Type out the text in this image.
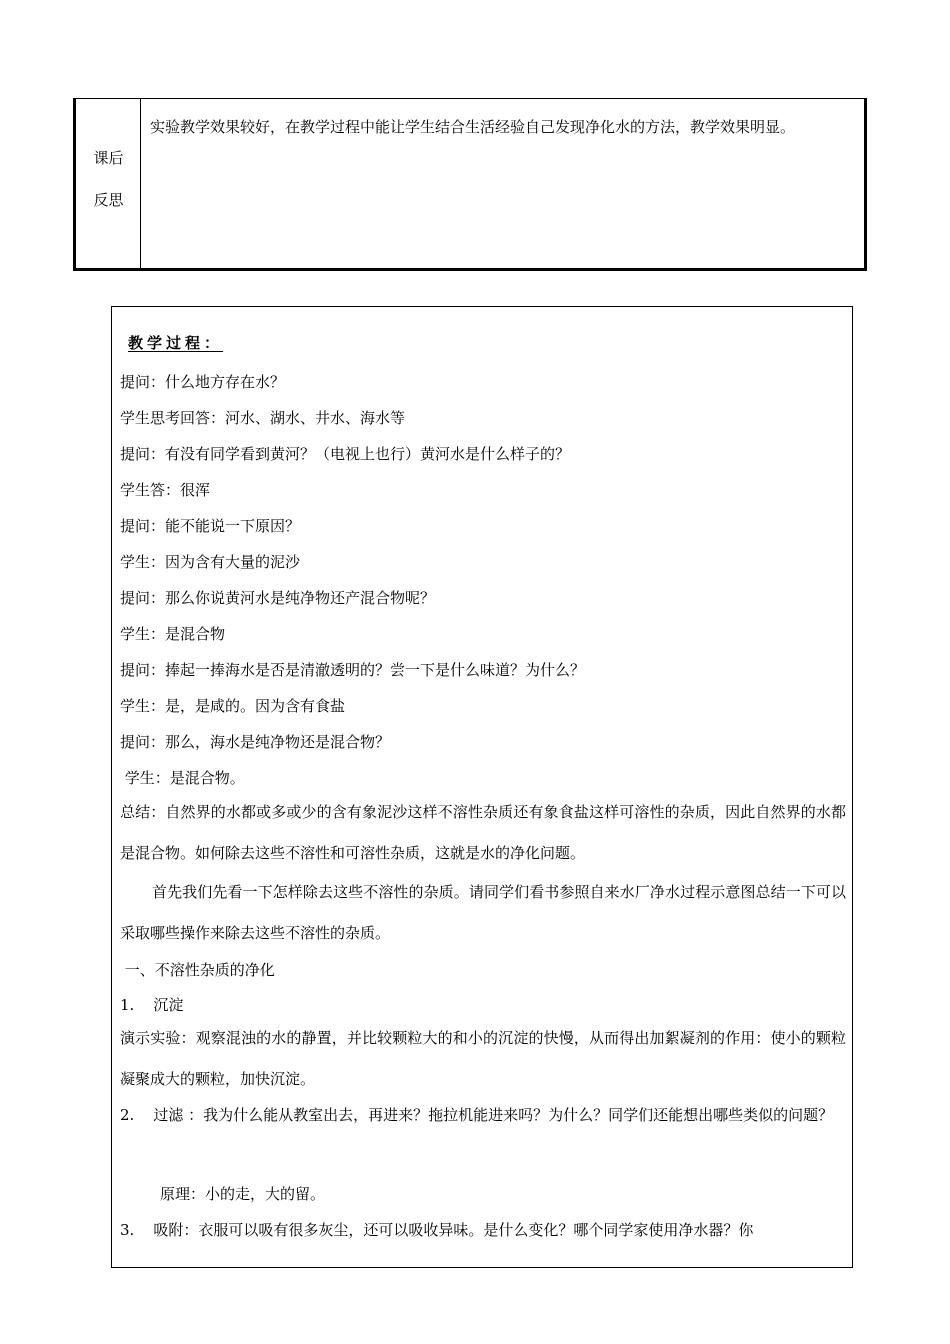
课后
反思
实验教学效果较好，在教学过程中能让学生结合生活经验自己发现净化水的方法，教学效果明显。
教学过程：
提问：什么地方存在水？
学生思考回答：河水、湖水、井水、海水等
提问：有没有同学看到黄河？（电视上也行）黄河水是什么样子的？
学生答：很浑
提问：能不能说一下原因？
学生：因为含有大量的泥沙
提问：那么你说黄河水是纯净物还产混合物呢？
学生：是混合物
提问：捧起一捧海水是否是清澈透明的？尝一下是什么味道？为什么？
学生：是，是咸的。因为含有食盐
提问：那么，海水是纯净物还是混合物？
学生：是混合物。
总结：自然界的水都或多或少的含有象泥沙这样不溶性杂质还有象食盐这样可溶性的杂质，因此自然界的水都是混合物。如何除去这些不溶性和可溶性杂质，这就是水的净化问题。
首先我们先看一下怎样除去这些不溶性的杂质。请同学们看书参照自来水厂净水过程示意图总结一下可以采取哪些操作来除去这些不溶性的杂质。
一、不溶性杂质的净化
1.    沉淀
演示实验：观察混浊的水的静置，并比较颗粒大的和小的沉淀的快慢，从而得出加絮凝剂的作用：使小的颗粒凝聚成大的颗粒，加快沉淀。
2.    过滤 ：我为什么能从教室出去，再进来？拖拉机能进来吗？为什么？同学们还能想出哪些类似的问题？
原理：小的走，大的留。
3.    吸附：衣服可以吸有很多灰尘，还可以吸收异味。是什么变化？哪个同学家使用净水器？你
